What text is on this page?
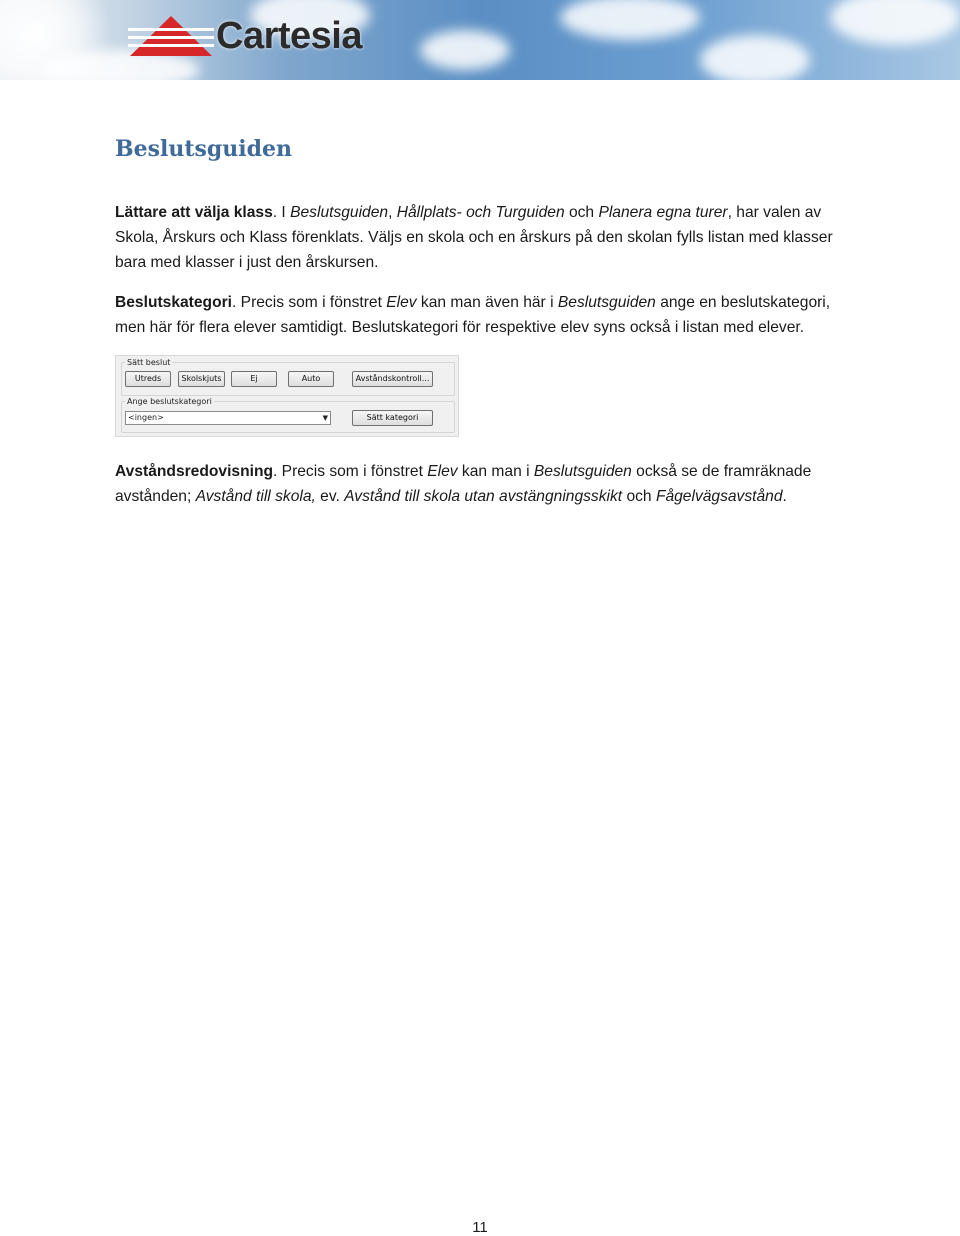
Cartesia
Beslutsguiden

Lättare att välja klass. I Beslutsguiden, Hållplats- och Turguiden och Planera egna turer, har valen av Skola, Årskurs och Klass förenklats. Väljs en skola och en årskurs på den skolan fylls listan med klasser bara med klasser i just den årskursen.

Beslutskategori. Precis som i fönstret Elev kan man även här i Beslutsguiden ange en beslutskategori, men här för flera elever samtidigt. Beslutskategori för respektive elev syns också i listan med elever.

Sätt beslut
Utreds	Skolskjuts	Ej	Auto	Avståndskontroll...
Ange beslutskategori
<ingen>	▼	Sätt kategori

Avståndsredovisning. Precis som i fönstret Elev kan man i Beslutsguiden också se de framräknade avstånden; Avstånd till skola, ev. Avstånd till skola utan avstängningsskikt och Fågelvägsavstånd.

11
